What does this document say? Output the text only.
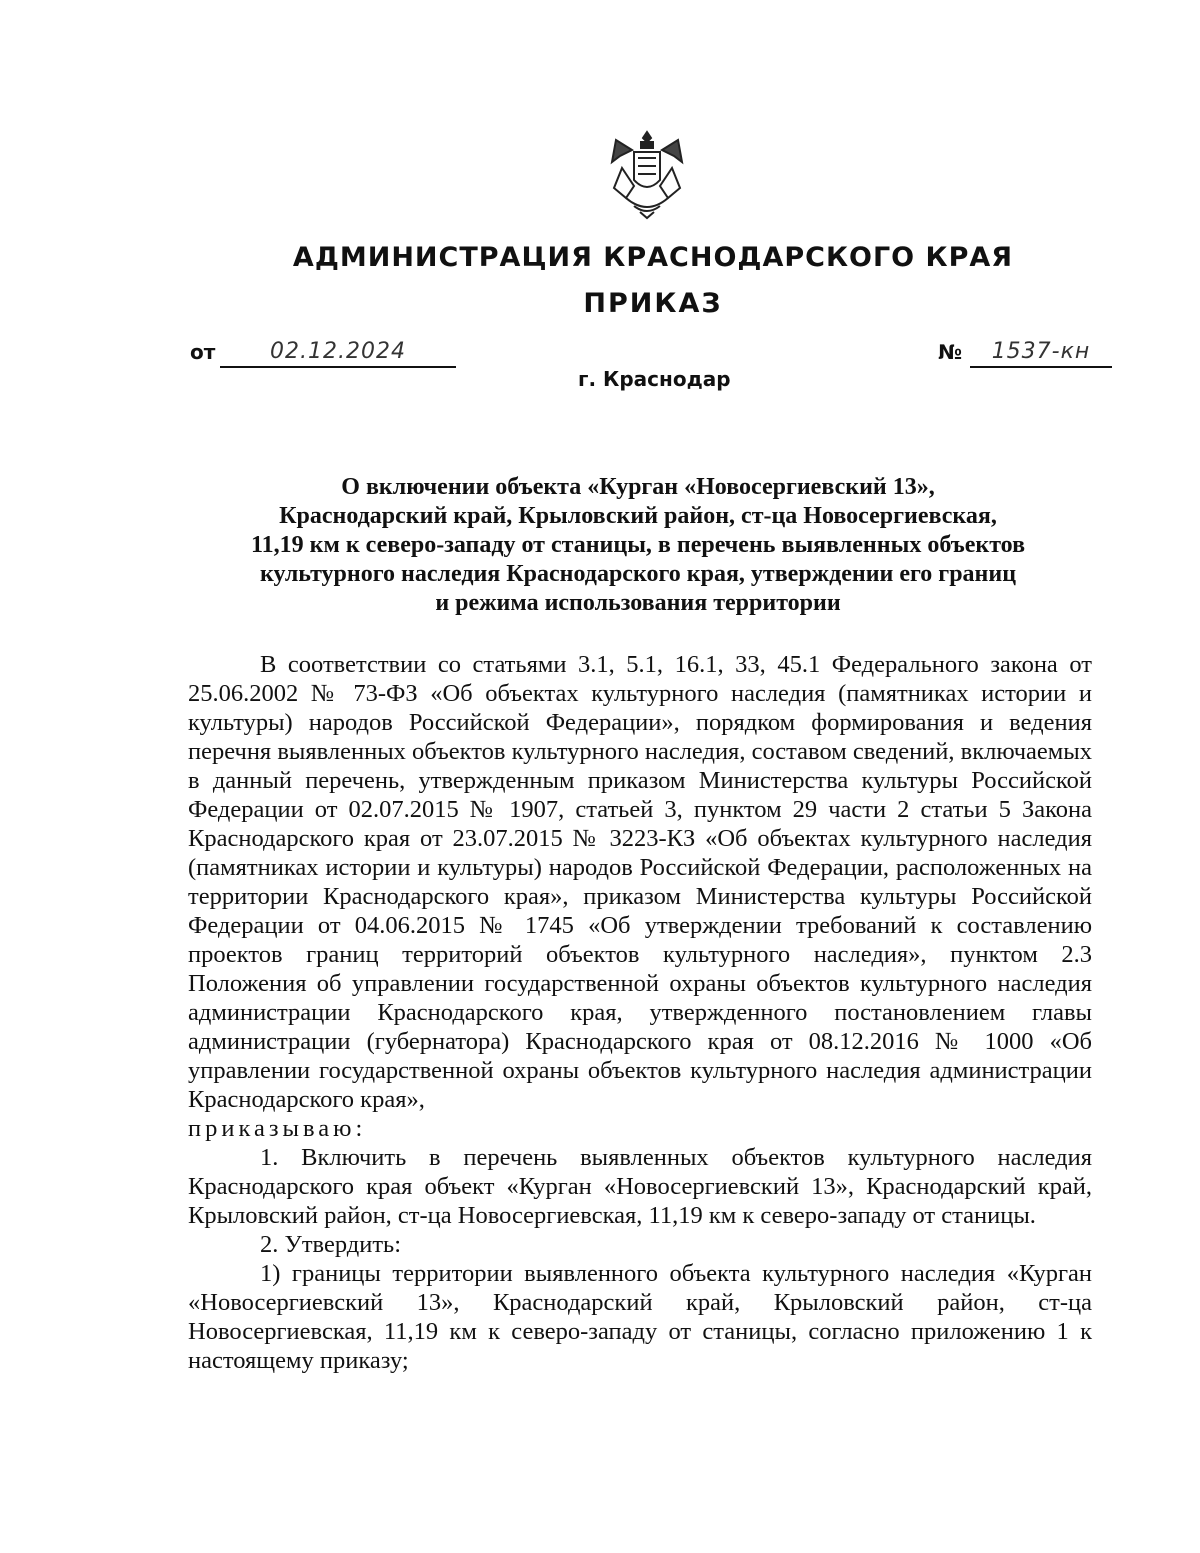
АДМИНИСТРАЦИЯ КРАСНОДАРСКОГО КРАЯ
ПРИКАЗ
от	02.12.2024	№	1537-кн
г. Краснодар
О включении объекта «Курган «Новосергиевский 13»,
Краснодарский край, Крыловский район, ст-ца Новосергиевская,
11,19 км к северо-западу от станицы, в перечень выявленных объектов
культурного наследия Краснодарского края, утверждении его границ
и режима использования территории

В соответствии со статьями 3.1, 5.1, 16.1, 33, 45.1 Федерального закона от 25.06.2002 № 73-ФЗ «Об объектах культурного наследия (памятниках истории и культуры) народов Российской Федерации», порядком формирования и ведения перечня выявленных объектов культурного наследия, составом сведений, включаемых в данный перечень, утвержденным приказом Министерства культуры Российской Федерации от 02.07.2015 № 1907, статьей 3, пунктом 29 части 2 статьи 5 Закона Краснодарского края от 23.07.2015 № 3223-КЗ «Об объектах культурного наследия (памятниках истории и культуры) народов Российской Федерации, расположенных на территории Краснодарского края», приказом Министерства культуры Российской Федерации от 04.06.2015 № 1745 «Об утверждении требований к составлению проектов границ территорий объектов культурного наследия», пунктом 2.3 Положения об управлении государственной охраны объектов культурного наследия администрации Краснодарского края, утвержденного постановлением главы администрации (губернатора) Краснодарского края от 08.12.2016 № 1000 «Об управлении государственной охраны объектов культурного наследия администрации Краснодарского края»,

приказываю:

1. Включить в перечень выявленных объектов культурного наследия Краснодарского края объект «Курган «Новосергиевский 13», Краснодарский край, Крыловский район, ст-ца Новосергиевская, 11,19 км к северо-западу от станицы.

2. Утвердить:

1) границы территории выявленного объекта культурного наследия «Курган «Новосергиевский 13», Краснодарский край, Крыловский район, ст-ца Новосергиевская, 11,19 км к северо-западу от станицы, согласно приложению 1 к настоящему приказу;
